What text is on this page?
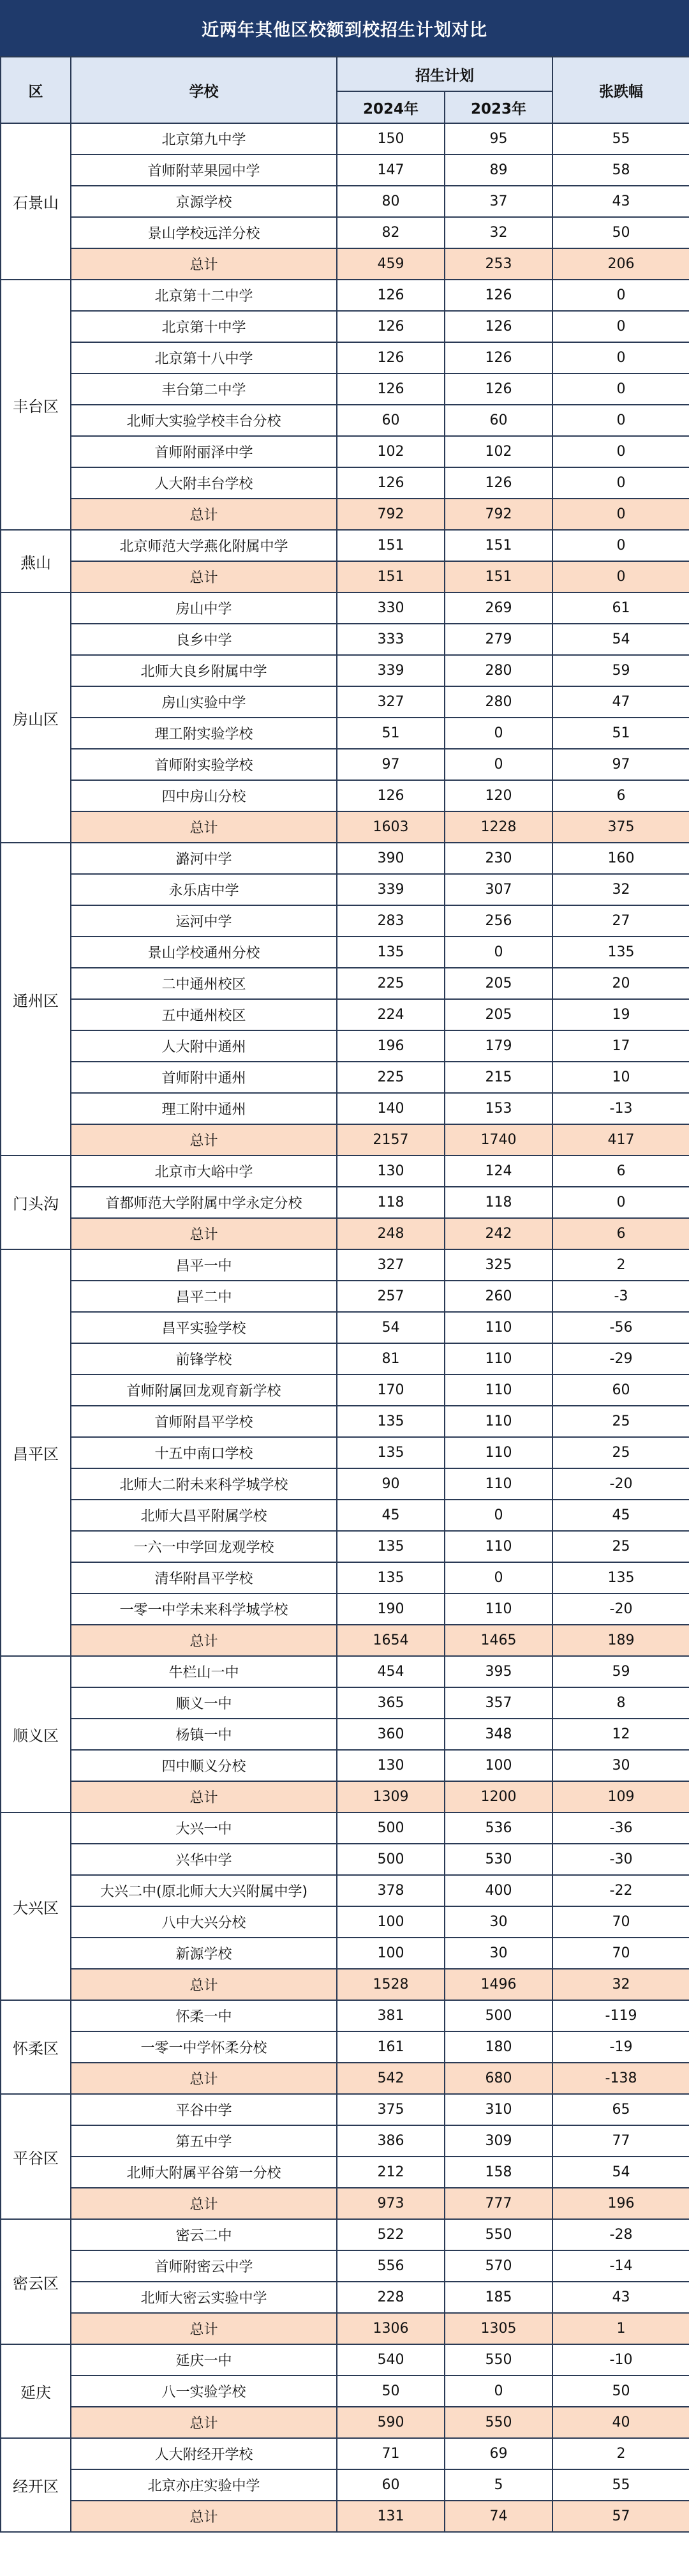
近两年其他区校额到校招生计划对比
区	学校	招生计划		张跌幅
		2024年	2023年	
石景山	北京第九中学	150	95	55
	首师附苹果园中学	147	89	58
	京源学校	80	37	43
	景山学校远洋分校	82	32	50
	总计	459	253	206
丰台区	北京第十二中学	126	126	0
	北京第十中学	126	126	0
	北京第十八中学	126	126	0
	丰台第二中学	126	126	0
	北师大实验学校丰台分校	60	60	0
	首师附丽泽中学	102	102	0
	人大附丰台学校	126	126	0
	总计	792	792	0
燕山	北京师范大学燕化附属中学	151	151	0
	总计	151	151	0
房山区	房山中学	330	269	61
	良乡中学	333	279	54
	北师大良乡附属中学	339	280	59
	房山实验中学	327	280	47
	理工附实验学校	51	0	51
	首师附实验学校	97	0	97
	四中房山分校	126	120	6
	总计	1603	1228	375
通州区	潞河中学	390	230	160
	永乐店中学	339	307	32
	运河中学	283	256	27
	景山学校通州分校	135	0	135
	二中通州校区	225	205	20
	五中通州校区	224	205	19
	人大附中通州	196	179	17
	首师附中通州	225	215	10
	理工附中通州	140	153	-13
	总计	2157	1740	417
门头沟	北京市大峪中学	130	124	6
	首都师范大学附属中学永定分校	118	118	0
	总计	248	242	6
昌平区	昌平一中	327	325	2
	昌平二中	257	260	-3
	昌平实验学校	54	110	-56
	前锋学校	81	110	-29
	首师附属回龙观育新学校	170	110	60
	首师附昌平学校	135	110	25
	十五中南口学校	135	110	25
	北师大二附未来科学城学校	90	110	-20
	北师大昌平附属学校	45	0	45
	一六一中学回龙观学校	135	110	25
	清华附昌平学校	135	0	135
	一零一中学未来科学城学校	190	110	-20
	总计	1654	1465	189
顺义区	牛栏山一中	454	395	59
	顺义一中	365	357	8
	杨镇一中	360	348	12
	四中顺义分校	130	100	30
	总计	1309	1200	109
大兴区	大兴一中	500	536	-36
	兴华中学	500	530	-30
	大兴二中(原北师大大兴附属中学)	378	400	-22
	八中大兴分校	100	30	70
	新源学校	100	30	70
	总计	1528	1496	32
怀柔区	怀柔一中	381	500	-119
	一零一中学怀柔分校	161	180	-19
	总计	542	680	-138
平谷区	平谷中学	375	310	65
	第五中学	386	309	77
	北师大附属平谷第一分校	212	158	54
	总计	973	777	196
密云区	密云二中	522	550	-28
	首师附密云中学	556	570	-14
	北师大密云实验中学	228	185	43
	总计	1306	1305	1
延庆	延庆一中	540	550	-10
	八一实验学校	50	0	50
	总计	590	550	40
经开区	人大附经开学校	71	69	2
	北京亦庄实验中学	60	5	55
	总计	131	74	57
